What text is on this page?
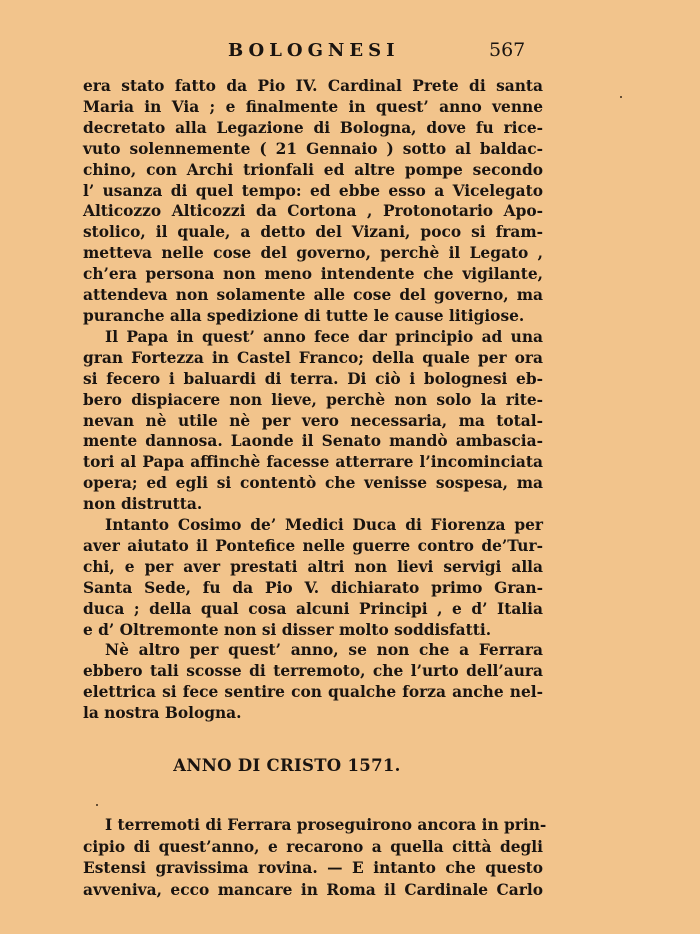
BOLOGNESI	567
era stato fatto da Pio IV. Cardinal Prete di santa
Maria in Via ; e finalmente in quest’ anno venne
decretato alla Legazione di Bologna, dove fu rice-
vuto solennemente ( 21 Gennaio ) sotto al baldac-
chino, con Archi trionfali ed altre pompe secondo
l’ usanza di quel tempo: ed ebbe esso a Vicelegato
Alticozzo Alticozzi da Cortona , Protonotario Apo-
stolico, il quale, a detto del Vizani, poco si fram-
metteva nelle cose del governo, perchè il Legato ,
ch’era persona non meno intendente che vigilante,
attendeva non solamente alle cose del governo, ma
puranche alla spedizione di tutte le cause litigiose.
Il Papa in quest’ anno fece dar principio ad una
gran Fortezza in Castel Franco; della quale per ora
si fecero i baluardi di terra. Di ciò i bolognesi eb-
bero dispiacere non lieve, perchè non solo la rite-
nevan nè utile nè per vero necessaria, ma total-
mente dannosa. Laonde il Senato mandò ambascia-
tori al Papa affinchè facesse atterrare l’incominciata
opera; ed egli si contentò che venisse sospesa, ma
non distrutta.
Intanto Cosimo de’ Medici Duca di Fiorenza per
aver aiutato il Pontefice nelle guerre contro de’Tur-
chi, e per aver prestati altri non lievi servigi alla
Santa Sede, fu da Pio V. dichiarato primo Gran-
duca ; della qual cosa alcuni Principi , e d’ Italia
e d’ Oltremonte non si disser molto soddisfatti.
Nè altro per quest’ anno, se non che a Ferrara
ebbero tali scosse di terremoto, che l’urto dell’aura
elettrica si fece sentire con qualche forza anche nel-
la nostra Bologna.
ANNO DI CRISTO 1571.
I terremoti di Ferrara proseguirono ancora in prin-
cipio di quest’anno, e recarono a quella città degli
Estensi gravissima rovina. — E intanto che questo
avveniva, ecco mancare in Roma il Cardinale Carlo
